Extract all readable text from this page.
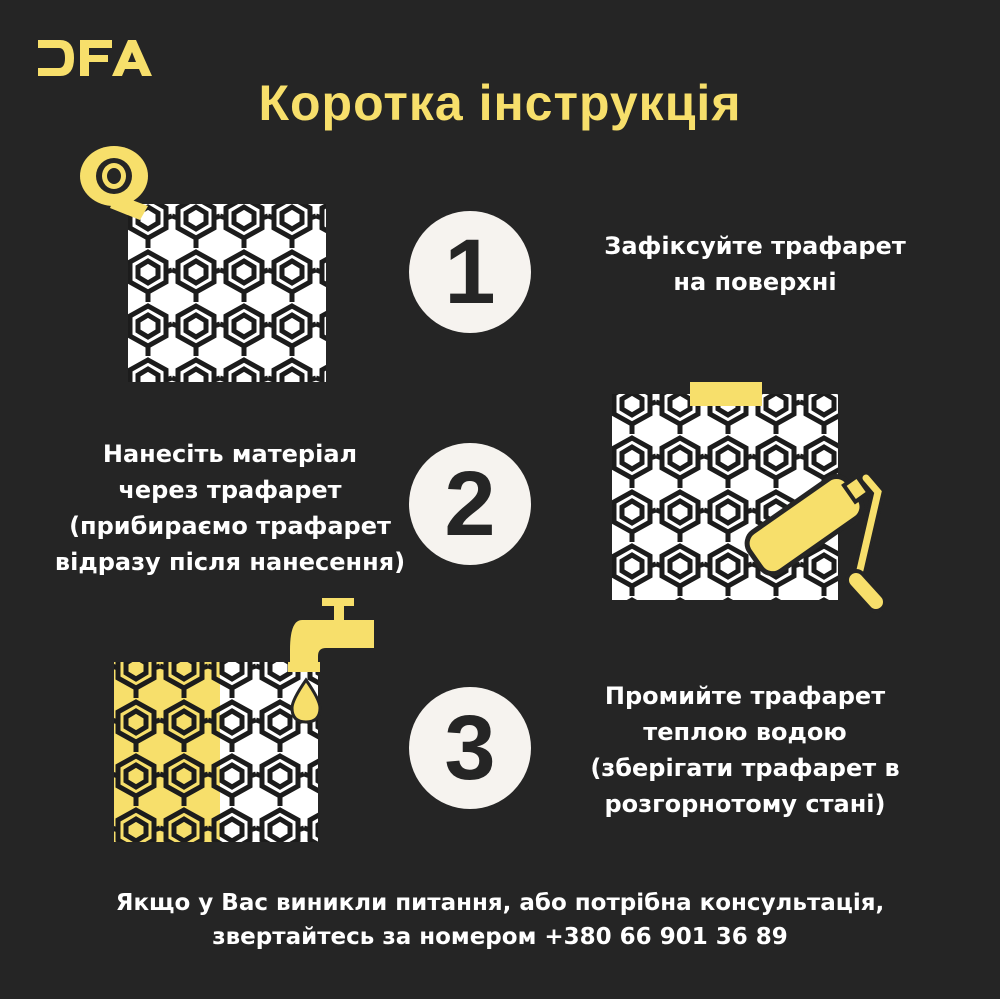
Коротка інструкція
1	Зафіксуйте трафарет
на поверхні
Нанесіть матеріал
через трафарет
(прибираємо трафарет
відразу після нанесення)
2
3
Промийте трафарет
теплою водою
(зберігати трафарет в
розгорнотому стані)
Якщо у Вас виникли питання, або потрібна консультація,
звертайтесь за номером +380 66 901 36 89
